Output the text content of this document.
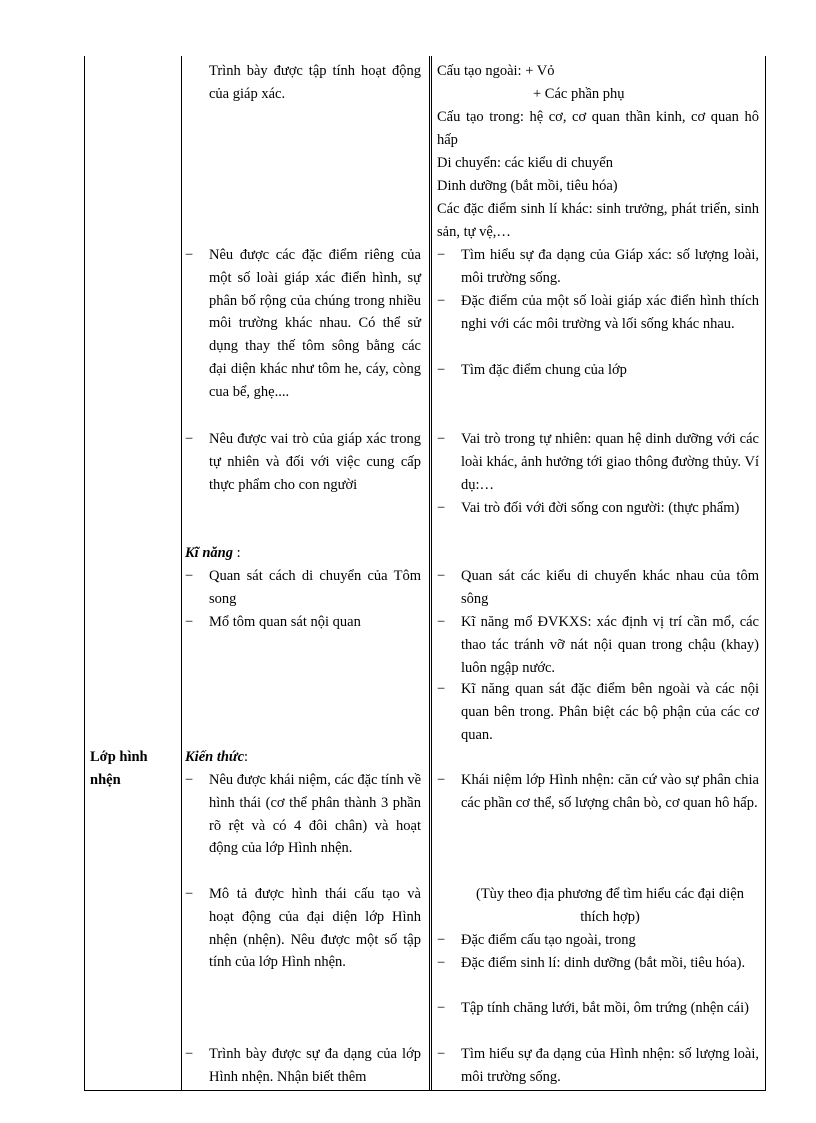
Lớp hình nhện
Trình bày được tập tính hoạt động của giáp xác.
− Nêu được các đặc điểm riêng của một số loài giáp xác điển hình, sự phân bố rộng của chúng trong nhiều môi trường khác nhau. Có thể sử dụng thay thế tôm sông bằng các đại diện khác như tôm he, cáy, còng cua bể, ghẹ....
− Nêu được vai trò của giáp xác trong tự nhiên và đối với việc cung cấp thực phẩm cho con người
Kĩ năng :
− Quan sát cách di chuyển của Tôm song
− Mổ tôm quan sát nội quan
Kiến thức:
− Nêu được khái niệm, các đặc tính về hình thái (cơ thể phân thành 3 phần rõ rệt và có 4 đôi chân) và hoạt động của lớp Hình nhện.
− Mô tả được hình thái cấu tạo và hoạt động của đại diện lớp Hình nhện (nhện). Nêu được một số tập tính của lớp Hình nhện.
− Trình bày được sự đa dạng của lớp Hình nhện. Nhận biết thêm
Cấu tạo ngoài: + Vỏ
+ Các phần phụ
Cấu tạo trong: hệ cơ, cơ quan thần kinh, cơ quan hô hấp
Di chuyển: các kiểu di chuyển
Dinh dưỡng (bắt mồi, tiêu hóa)
Các đặc điểm sinh lí khác: sinh trưởng, phát triển, sinh sản, tự vệ,…
− Tìm hiểu sự đa dạng của Giáp xác: số lượng loài, môi trường sống.
− Đặc điểm của một số loài giáp xác điển hình thích nghi với các môi trường và lối sống khác nhau.
− Tìm đặc điểm chung của lớp
− Vai trò trong tự nhiên: quan hệ dinh dưỡng với các loài khác, ảnh hưởng tới giao thông đường thủy. Ví dụ:…
− Vai trò đối với đời sống con người: (thực phẩm)
− Quan sát các kiểu di chuyển khác nhau của tôm sông
− Kĩ năng mổ ĐVKXS: xác định vị trí cần mổ, các thao tác tránh vỡ nát nội quan trong chậu (khay) luôn ngập nước.
− Kĩ năng quan sát đặc điểm bên ngoài và các nội quan bên trong. Phân biệt các bộ phận của các cơ quan.
− Khái niệm lớp Hình nhện: căn cứ vào sự phân chia các phần cơ thể, số lượng chân bò, cơ quan hô hấp.
(Tùy theo địa phương để tìm hiểu các đại diện thích hợp)
− Đặc điểm cấu tạo ngoài, trong
− Đặc điểm sinh lí: dinh dưỡng (bắt mồi, tiêu hóa).
− Tập tính chăng lưới, bắt mồi, ôm trứng (nhện cái)
− Tìm hiểu sự đa dạng của Hình nhện: số lượng loài, môi trường sống.
